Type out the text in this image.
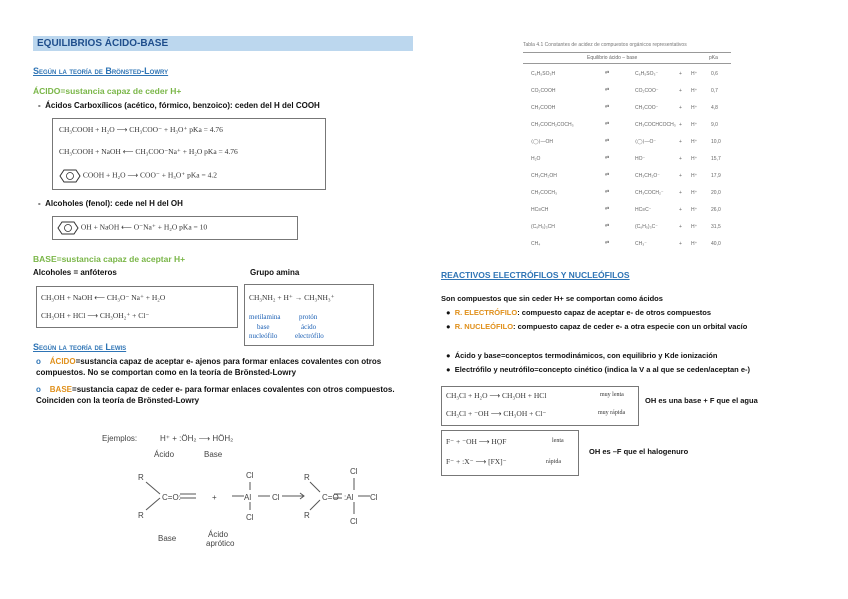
EQUILIBRIOS ÁCIDO-BASE
Según la teoría de Brönsted-Lowry
ÁCIDO=sustancia capaz de ceder H+
-  Ácidos Carboxílicos (acético, fórmico, benzoico): ceden del H del COOH
CH₃COOH + H₂O ⟶ CH₃COO⁻ + H₃O⁺ pKa = 4.76
CH₃COOH + NaOH ⟵ CH₃COO⁻Na⁺ + H₂O pKa = 4.76
COOH + H₂O ⟶ COO⁻ + H₃O⁺ pKa = 4.2
-  Alcoholes (fenol): cede nel H del OH
OH + NaOH ⟵ O⁻Na⁺ + H₂O pKa = 10
BASE=sustancia capaz de aceptar H+
Alcoholes = anfóteros	Grupo amina
CH₃OH + NaOH ⟵ CH₃O⁻ Na⁺ + H₂O
CH₃OH + HCl ⟶ CH₃OH₂⁺ + Cl⁻
CH₃NH₂ + H⁺ → CH₃NH₃⁺
metilamina	protón
base	ácido
nucleófilo	electrófilo
Según la teoría de Lewis
o    ÁCIDO=sustancia capaz de aceptar e- ajenos para formar enlaces covalentes con otros compuestos. No se comportan como en la teoría de Brönsted-Lowry
o    BASE=sustancia capaz de ceder e- para formar enlaces covalentes con otros compuestos. Coinciden con la teoría de Brönsted-Lowry
Ejemplos:	H⁺ + :ÖH₂ ⟶ HÖH₂
Ácido	Base
R
R
C=O:	+	Al
Cl
Cl
Cl
R
R
C=O :Al
Cl
Cl
Cl
Base	Ácido
aprótico
Tabla 4.1 Constantes de acidez de compuestos orgánicos representativos
Equilibrio ácido – base	pKa
C₆H₅SO₃H	⇄	C₆H₅SO₃⁻	+ H⁺	0,6
CO₂COOH	⇄	CO₂COO⁻	+ H⁺	0,7
CH₃COOH	⇄	CH₃COO⁻	+ H⁺	4,8
CH₃COCH₂COCH₃	⇄	CH₃COCHCOCH₃ + H⁺	9,0
⟨◯⟩—OH	⇄	⟨◯⟩—O⁻	+ H⁺	10,0
H₂O	⇄	HO⁻	+ H⁺	15,7
CH₃CH₂OH	⇄	CH₃CH₂O⁻	+ H⁺	17,9
CH₃COCH₃	⇄	CH₃COCH₂⁻	+ H⁺	20,0
HC≡CH	⇄	HC≡C⁻	+ H⁺	26,0
(C₆H₅)₃CH	⇄	(C₆H₅)₃C⁻	+ H⁺	31,5
CH₄	⇄	CH₃⁻	+ H⁺	40,0
REACTIVOS ELECTRÓFILOS Y NUCLEÓFILOS
Son compuestos que sin ceder H+ se comportan como ácidos
●  R. ELECTRÓFILO: compuesto capaz de aceptar e- de otros compuestos
●  R. NUCLEÓFILO: compuesto capaz de ceder e- a otra especie con un orbital vacío
●  Ácido y base=conceptos termodinámicos, con equilibrio y Kde ionización
●  Electrófilo y neutrófilo=concepto cinético (indica la V a al que se ceden/aceptan e-)
CH₃Cl + H₂O ⟶ CH₃OH + HCl	muy lenta
CH₃Cl + ⁻OH ⟶ CH₃OH + Cl⁻	muy rápida
OH es una base + F que el agua
F⁻ + ⁻OH ⟶ HO̤F	lenta
F⁻ + :X⁻ ⟶ [FX]⁻	rápida
OH es –F que el halogenuro
